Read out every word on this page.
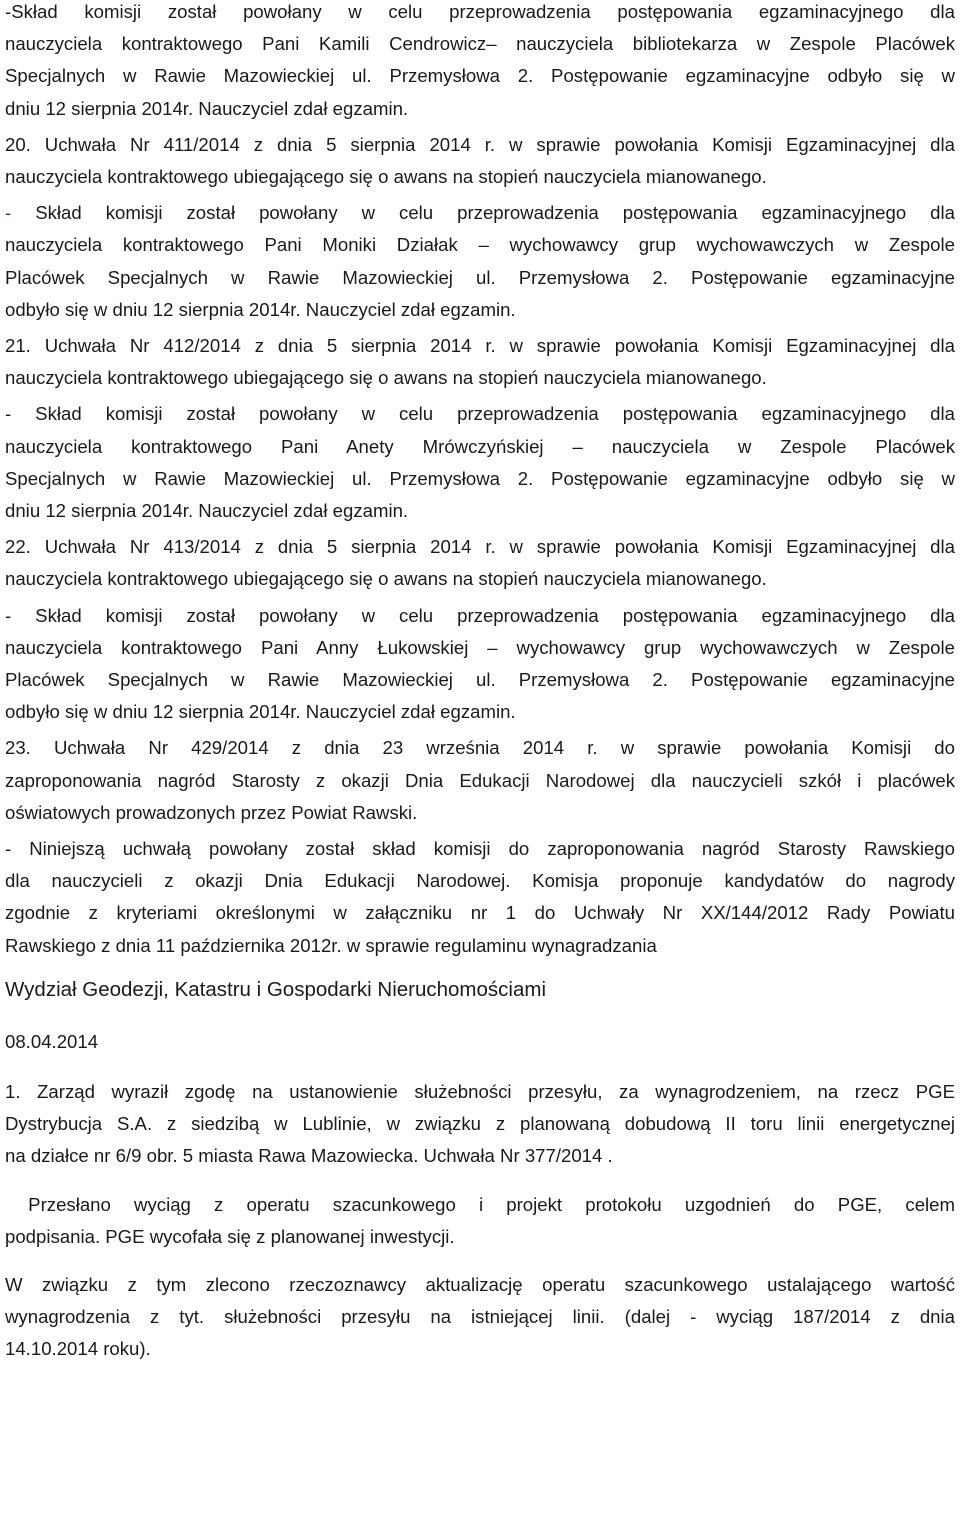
-Skład komisji został powołany w celu przeprowadzenia postępowania egzaminacyjnego dla
nauczyciela kontraktowego Pani Kamili Cendrowicz– nauczyciela bibliotekarza w Zespole Placówek
Specjalnych w Rawie Mazowieckiej ul. Przemysłowa 2. Postępowanie egzaminacyjne odbyło się w
dniu 12 sierpnia 2014r. Nauczyciel zdał egzamin.

20. Uchwała Nr 411/2014 z dnia 5 sierpnia 2014 r. w sprawie powołania Komisji Egzaminacyjnej dla
nauczyciela kontraktowego ubiegającego się o awans na stopień nauczyciela mianowanego.

- Skład komisji został powołany w celu przeprowadzenia postępowania egzaminacyjnego dla
nauczyciela kontraktowego Pani Moniki Działak – wychowawcy grup wychowawczych w Zespole
Placówek Specjalnych w Rawie Mazowieckiej ul. Przemysłowa 2. Postępowanie egzaminacyjne
odbyło się w dniu 12 sierpnia 2014r. Nauczyciel zdał egzamin.

21. Uchwała Nr 412/2014 z dnia 5 sierpnia 2014 r. w sprawie powołania Komisji Egzaminacyjnej dla
nauczyciela kontraktowego ubiegającego się o awans na stopień nauczyciela mianowanego.

- Skład komisji został powołany w celu przeprowadzenia postępowania egzaminacyjnego dla
nauczyciela kontraktowego Pani Anety Mrówczyńskiej – nauczyciela w Zespole Placówek
Specjalnych w Rawie Mazowieckiej ul. Przemysłowa 2. Postępowanie egzaminacyjne odbyło się w
dniu 12 sierpnia 2014r. Nauczyciel zdał egzamin.

22. Uchwała Nr 413/2014 z dnia 5 sierpnia 2014 r. w sprawie powołania Komisji Egzaminacyjnej dla
nauczyciela kontraktowego ubiegającego się o awans na stopień nauczyciela mianowanego.

- Skład komisji został powołany w celu przeprowadzenia postępowania egzaminacyjnego dla
nauczyciela kontraktowego Pani Anny Łukowskiej – wychowawcy grup wychowawczych w Zespole
Placówek Specjalnych w Rawie Mazowieckiej ul. Przemysłowa 2. Postępowanie egzaminacyjne
odbyło się w dniu 12 sierpnia 2014r. Nauczyciel zdał egzamin.

23. Uchwała Nr 429/2014 z dnia 23 września 2014 r. w sprawie powołania Komisji do
zaproponowania nagród Starosty z okazji Dnia Edukacji Narodowej dla nauczycieli szkół i placówek
oświatowych prowadzonych przez Powiat Rawski.

- Niniejszą uchwałą powołany został skład komisji do zaproponowania nagród Starosty Rawskiego
dla nauczycieli z okazji Dnia Edukacji Narodowej. Komisja proponuje kandydatów do nagrody
zgodnie z kryteriami określonymi w załączniku nr 1 do Uchwały Nr XX/144/2012 Rady Powiatu
Rawskiego z dnia 11 października 2012r. w sprawie regulaminu wynagradzania

Wydział Geodezji, Katastru i Gospodarki Nieruchomościami

08.04.2014

1. Zarząd wyraził zgodę na ustanowienie służebności przesyłu, za wynagrodzeniem, na rzecz PGE
Dystrybucja S.A. z siedzibą w Lublinie, w związku z planowaną dobudową II toru linii energetycznej
na działce nr 6/9 obr. 5 miasta Rawa Mazowiecka. Uchwała Nr 377/2014 .

Przesłano wyciąg z operatu szacunkowego i projekt protokołu uzgodnień do PGE, celem
podpisania. PGE wycofała się z planowanej inwestycji.

W związku z tym zlecono rzeczoznawcy aktualizację operatu szacunkowego ustalającego wartość
wynagrodzenia z tyt. służebności przesyłu na istniejącej linii. (dalej - wyciąg 187/2014 z dnia
14.10.2014 roku).
